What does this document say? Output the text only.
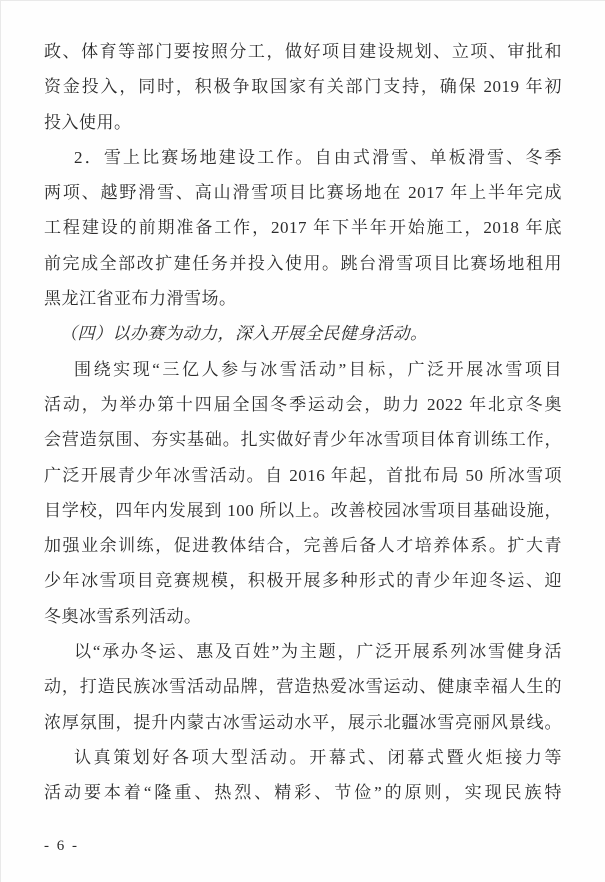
政、体育等部门要按照分工，做好项目建设规划、立项、审批和
资金投入，同时，积极争取国家有关部门支持，确保 2019 年初
投入使用。
2．雪上比赛场地建设工作。自由式滑雪、单板滑雪、冬季
两项、越野滑雪、高山滑雪项目比赛场地在 2017 年上半年完成
工程建设的前期准备工作，2017 年下半年开始施工，2018 年底
前完成全部改扩建任务并投入使用。跳台滑雪项目比赛场地租用
黑龙江省亚布力滑雪场。
（四）以办赛为动力，深入开展全民健身活动。
围绕实现“三亿人参与冰雪活动”目标，广泛开展冰雪项目
活动，为举办第十四届全国冬季运动会，助力 2022 年北京冬奥
会营造氛围、夯实基础。扎实做好青少年冰雪项目体育训练工作，
广泛开展青少年冰雪活动。自 2016 年起，首批布局 50 所冰雪项
目学校，四年内发展到 100 所以上。改善校园冰雪项目基础设施，
加强业余训练，促进教体结合，完善后备人才培养体系。扩大青
少年冰雪项目竞赛规模，积极开展多种形式的青少年迎冬运、迎
冬奥冰雪系列活动。
以“承办冬运、惠及百姓”为主题，广泛开展系列冰雪健身活
动，打造民族冰雪活动品牌，营造热爱冰雪运动、健康幸福人生的
浓厚氛围，提升内蒙古冰雪运动水平，展示北疆冰雪亮丽风景线。
认真策划好各项大型活动。开幕式、闭幕式暨火炬接力等
活动要本着“隆重、热烈、精彩、节俭”的原则，实现民族特
- 6 -
